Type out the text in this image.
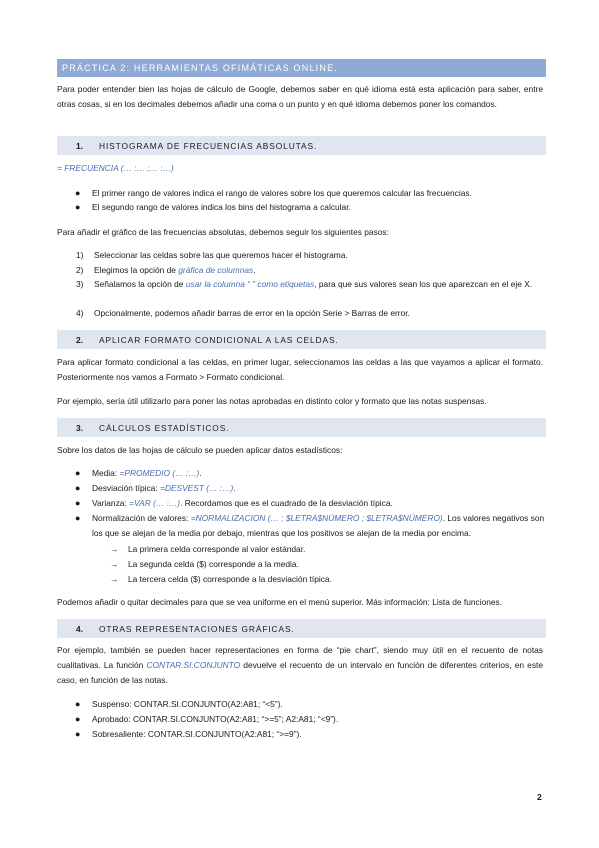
PRÁCTICA 2: HERRAMIENTAS OFIMÁTICAS ONLINE.
Para poder entender bien las hojas de cálculo de Google, debemos saber en qué idioma está esta aplicación para saber, entre otras cosas, si en los decimales debemos añadir una coma o un punto y en qué idioma debemos poner los comandos.
1. HISTOGRAMA DE FRECUENCIAS ABSOLUTAS.
= FRECUENCIA (… :… ;… :…)
● El primer rango de valores indica el rango de valores sobre los que queremos calcular las frecuencias.
● El segundo rango de valores indica los bins del histograma a calcular.
Para añadir el gráfico de las frecuencias absolutas, debemos seguir los siguientes pasos:
1) Seleccionar las celdas sobre las que queremos hacer el histograma.
2) Elegimos la opción de gráfica de columnas.
3) Señalamos la opción de usar la columna “ ” como etiquetas, para que sus valores sean los que aparezcan en el eje X.
4) Opcionalmente, podemos añadir barras de error en la opción Serie > Barras de error.
2. APLICAR FORMATO CONDICIONAL A LAS CELDAS.
Para aplicar formato condicional a las celdas, en primer lugar, seleccionamos las celdas a las que vayamos a aplicar el formato. Posteriormente nos vamos a Formato > Formato condicional.
Por ejemplo, sería útil utilizarlo para poner las notas aprobadas en distinto color y formato que las notas suspensas.
3. CÁLCULOS ESTADÍSTICOS.
Sobre los datos de las hojas de cálculo se pueden aplicar datos estadísticos:
● Media: =PROMEDIO (… :…).
● Desviación típica: =DESVEST (… :…).
● Varianza: =VAR (… :…). Recordamos que es el cuadrado de la desviación típica.
● Normalización de valores: =NORMALIZACION (… ; $LETRA$NÚMERO ; $LETRA$NÚMERO). Los valores negativos son los que se alejan de la media por debajo, mientras que los positivos se alejan de la media por encima.
→ La primera celda corresponde al valor estándar.
→ La segunda celda ($) corresponde a la media.
→ La tercera celda ($) corresponde a la desviación típica.
Podemos añadir o quitar decimales para que se vea uniforme en el menú superior. Más información: Lista de funciones.
4. OTRAS REPRESENTACIONES GRÁFICAS.
Por ejemplo, también se pueden hacer representaciones en forma de “pie chart”, siendo muy útil en el recuento de notas cualitativas. La función CONTAR.SI.CONJUNTO devuelve el recuento de un intervalo en función de diferentes criterios, en este caso, en función de las notas.
● Suspenso: CONTAR.SI.CONJUNTO(A2:A81; “<5”).
● Aprobado: CONTAR.SI.CONJUNTO(A2:A81; “>=5”; A2:A81; “<9”).
● Sobresaliente: CONTAR.SI.CONJUNTO(A2:A81; “>=9”).
2
